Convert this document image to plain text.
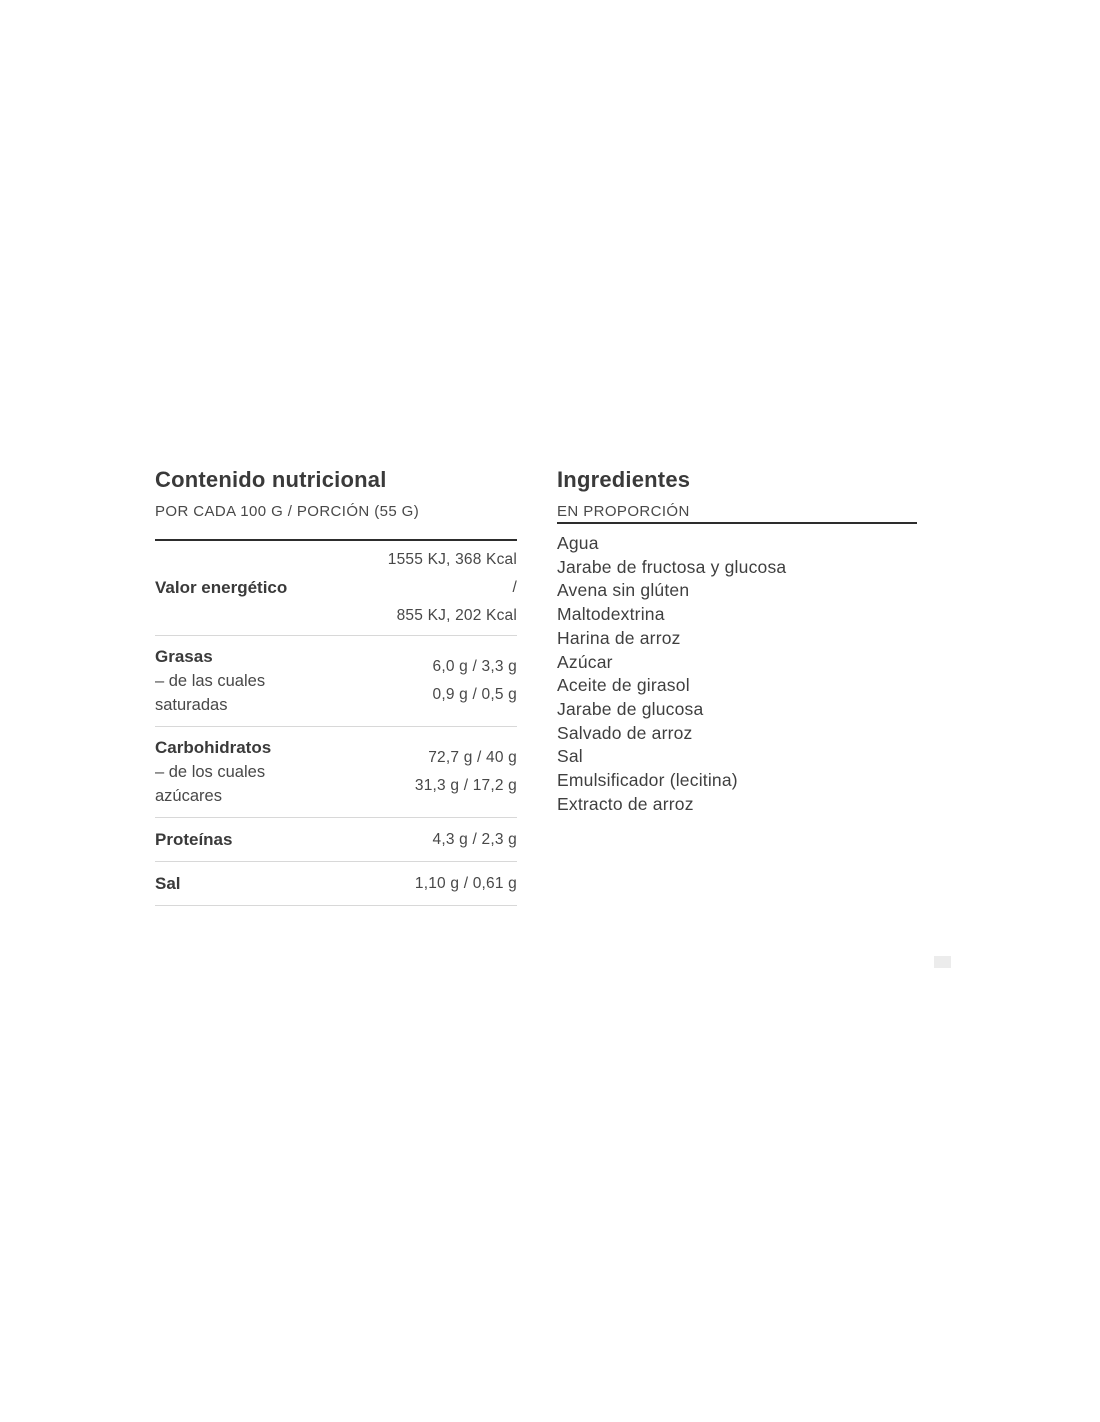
Contenido nutricional
POR CADA 100 G / PORCIÓN (55 G)
Valor energético
1555 KJ, 368 Kcal
/
855 KJ, 202 Kcal
Grasas
– de las cuales
saturadas
6,0 g / 3,3 g
0,9 g / 0,5 g
Carbohidratos
– de los cuales
azúcares
72,7 g / 40 g
31,3 g / 17,2 g
Proteínas	4,3 g / 2,3 g
Sal	1,10 g / 0,61 g
Ingredientes
EN PROPORCIÓN
Agua
Jarabe de fructosa y glucosa
Avena sin glúten
Maltodextrina
Harina de arroz
Azúcar
Aceite de girasol
Jarabe de glucosa
Salvado de arroz
Sal
Emulsificador (lecitina)
Extracto de arroz
